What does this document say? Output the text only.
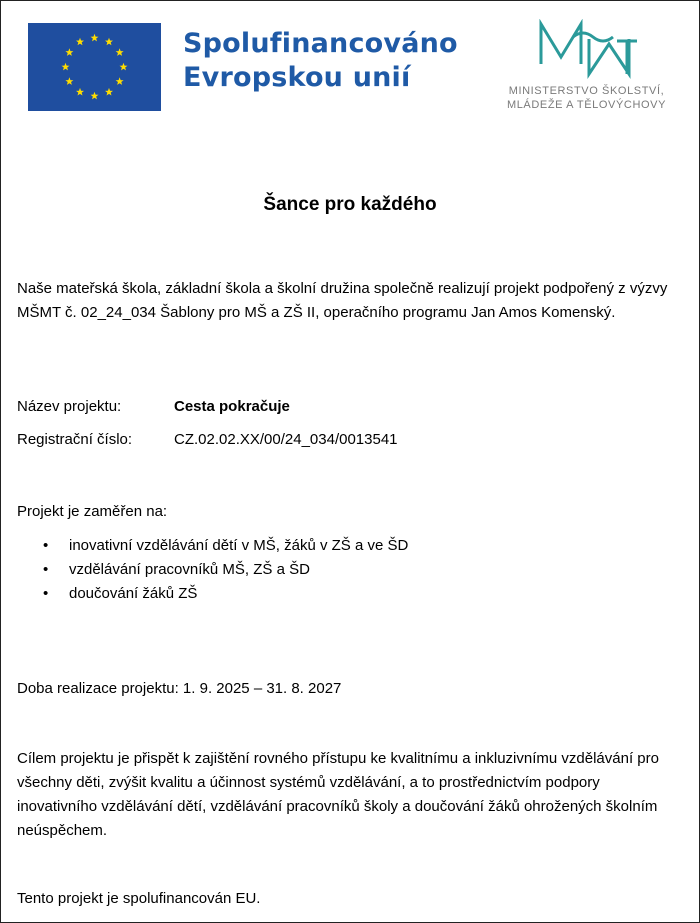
Spolufinancováno
Evropskou unií	MINISTERSTVO ŠKOLSTVÍ,
MLÁDEŽE A TĚLOVÝCHOVY
Šance pro každého
Naše mateřská škola, základní škola a školní družina společně realizují projekt podpořený z výzvy MŠMT č. 02_24_034 Šablony pro MŠ a ZŠ II, operačního programu Jan Amos Komenský.
Název projektu:	Cesta pokračuje
Registrační číslo:	CZ.02.02.XX/00/24_034/0013541
Projekt je zaměřen na:
• inovativní vzdělávání dětí v MŠ, žáků v ZŠ a ve ŠD
• vzdělávání pracovníků MŠ, ZŠ a ŠD
• doučování žáků ZŠ
Doba realizace projektu: 1. 9. 2025 – 31. 8. 2027
Cílem projektu je přispět k zajištění rovného přístupu ke kvalitnímu a inkluzivnímu vzdělávání pro všechny děti, zvýšit kvalitu a účinnost systémů vzdělávání, a to prostřednictvím podpory inovativního vzdělávání dětí, vzdělávání pracovníků školy a doučování žáků ohrožených školním neúspěchem.
Tento projekt je spolufinancován EU.
